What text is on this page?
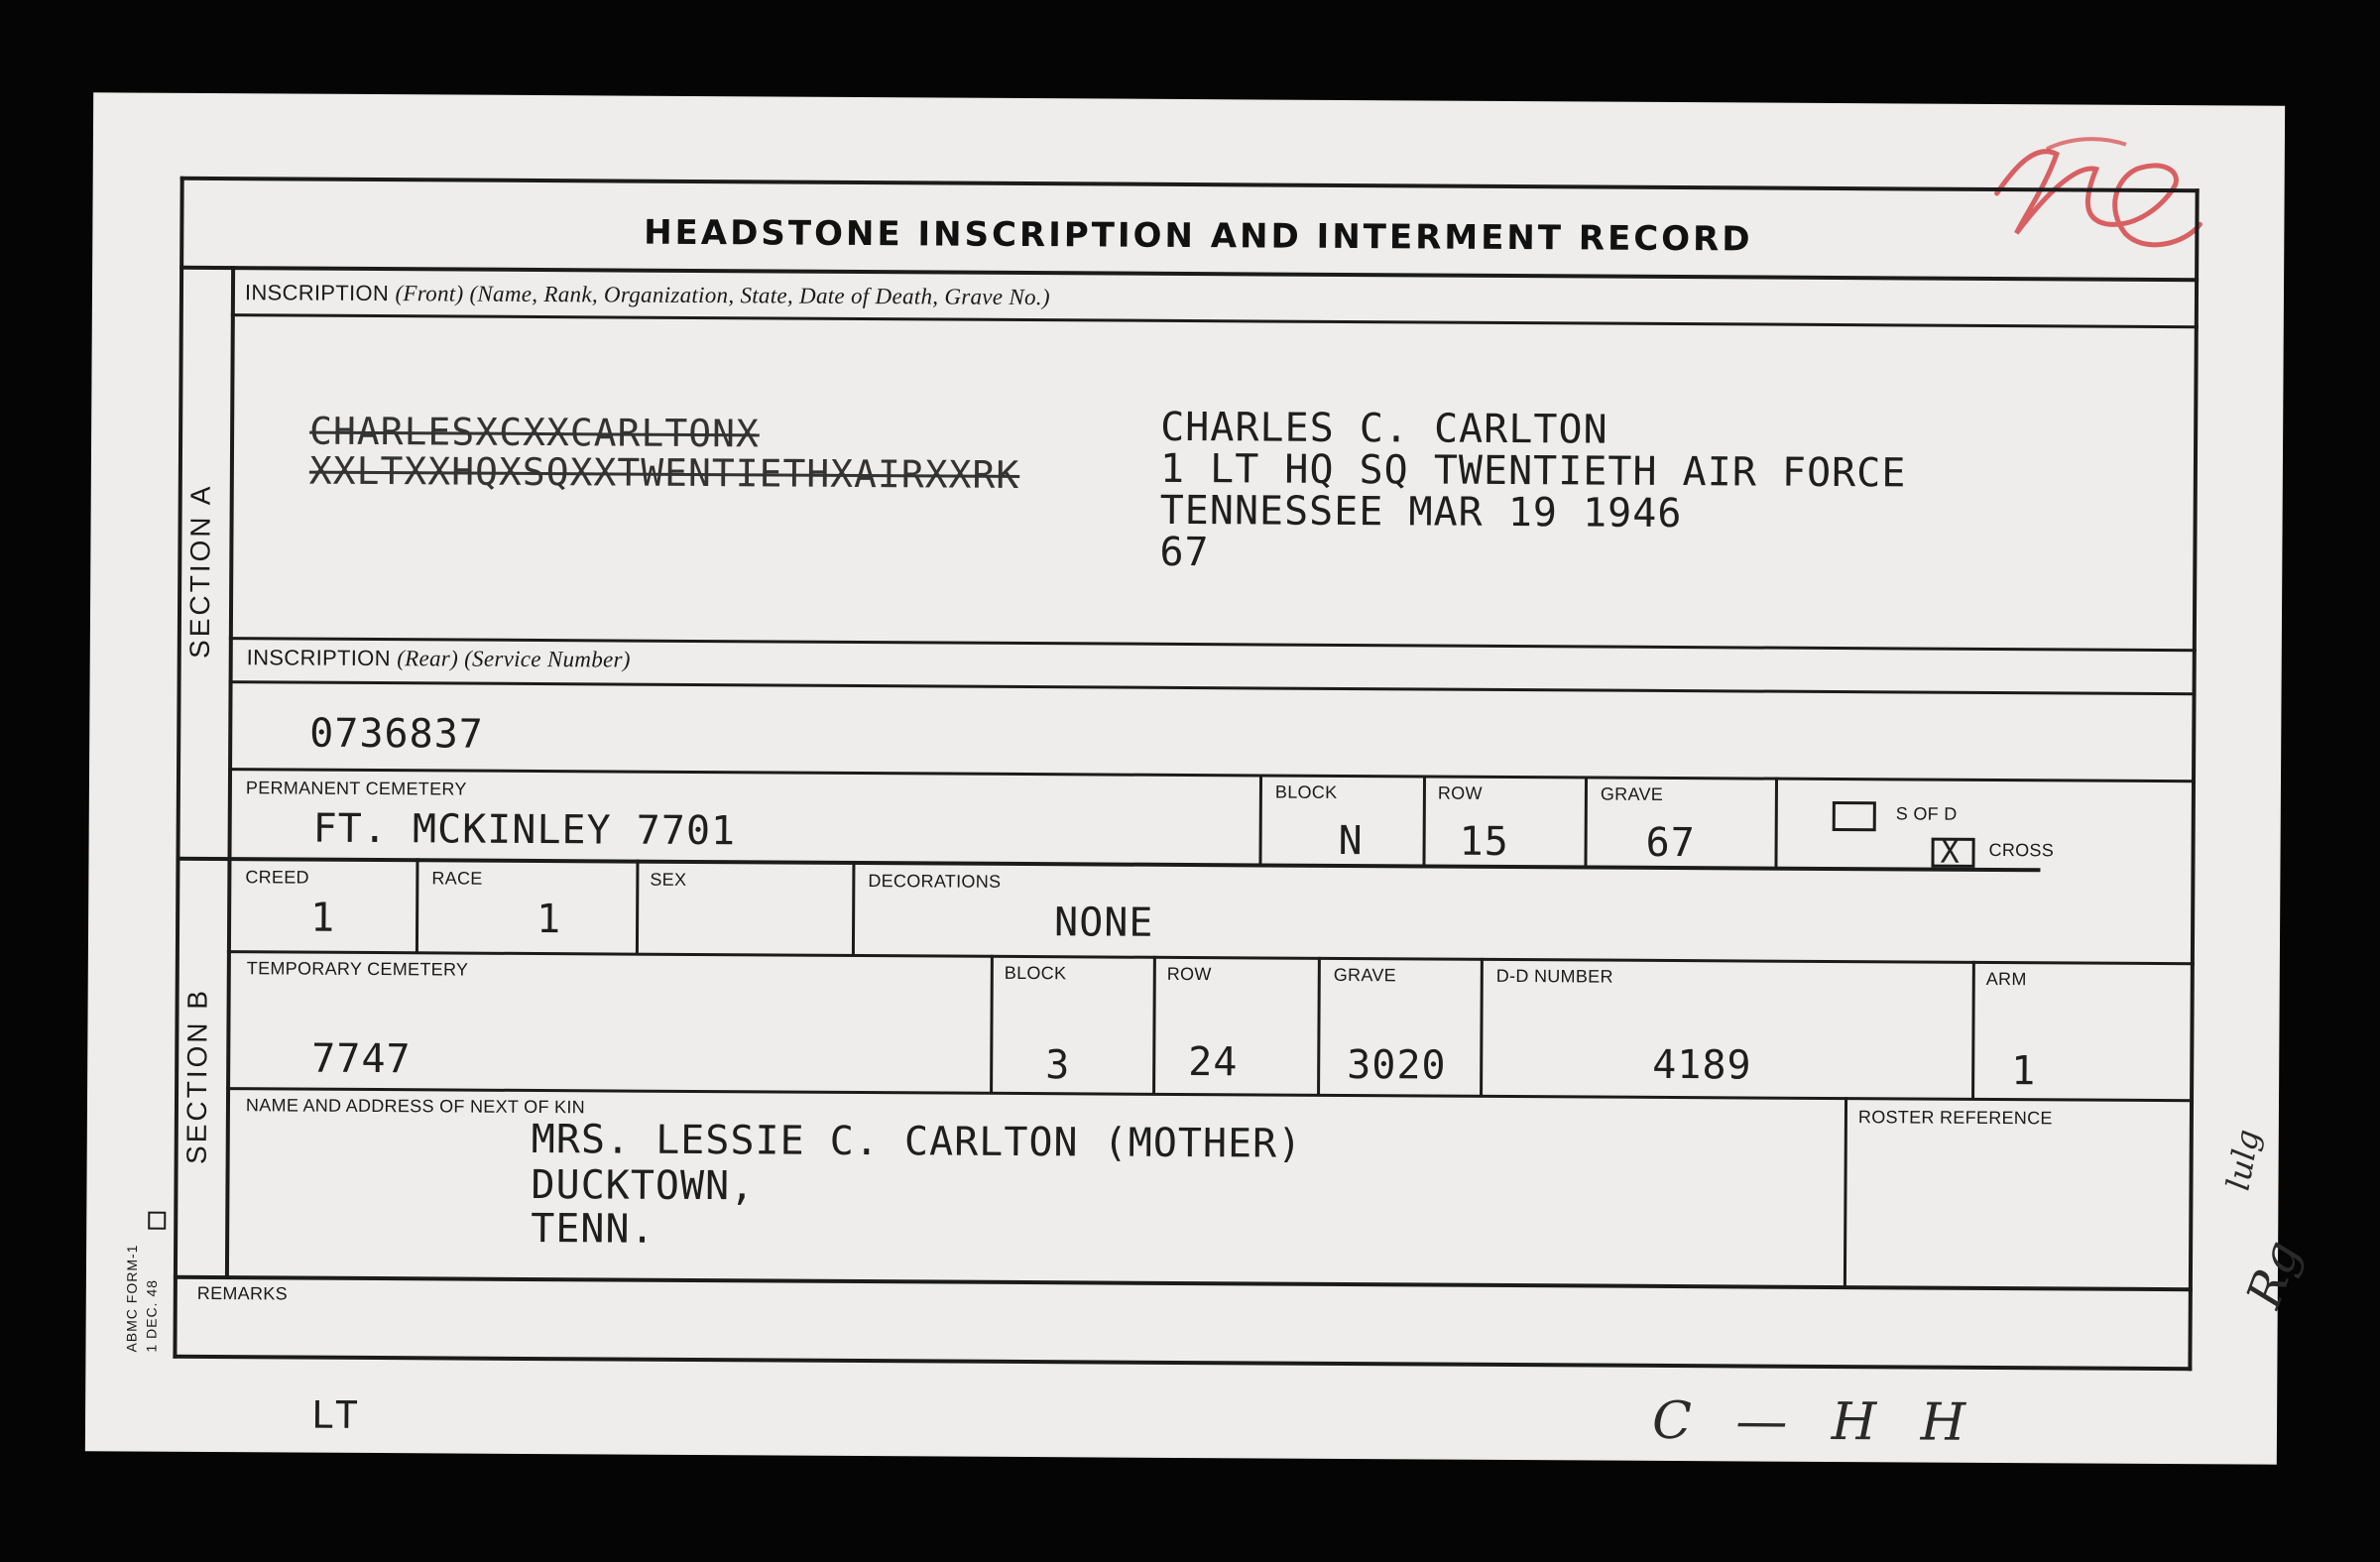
HEADSTONE INSCRIPTION AND INTERMENT RECORD
SECTION A
SECTION B
ABMC FORM-1 1 DEC. 48
INSCRIPTION (Front) (Name, Rank, Organization, State, Date of Death, Grave No.)
CHARLESXCXXCARLTONX
XXLTXXHQXSQXXTWENTIETHXAIRXXRK
CHARLES C. CARLTON
1 LT HQ SQ TWENTIETH AIR FORCE
TENNESSEE MAR 19 1946
67
INSCRIPTION (Rear) (Service Number)
0736837
PERMANENT CEMETERY
FT. MCKINLEY 7701
BLOCK
N
ROW
15
GRAVE
67
S OF D
X CROSS
CREED
1
RACE
1
SEX	DECORATIONS
NONE
TEMPORARY CEMETERY
7747
BLOCK
3
ROW
24
GRAVE
3020
D-D NUMBER
4189
ARM
1
NAME AND ADDRESS OF NEXT OF KIN
MRS. LESSIE C. CARLTON (MOTHER)
DUCKTOWN,
TENN.
ROSTER REFERENCE
REMARKS
LT	C — H H
lulg
Rg
